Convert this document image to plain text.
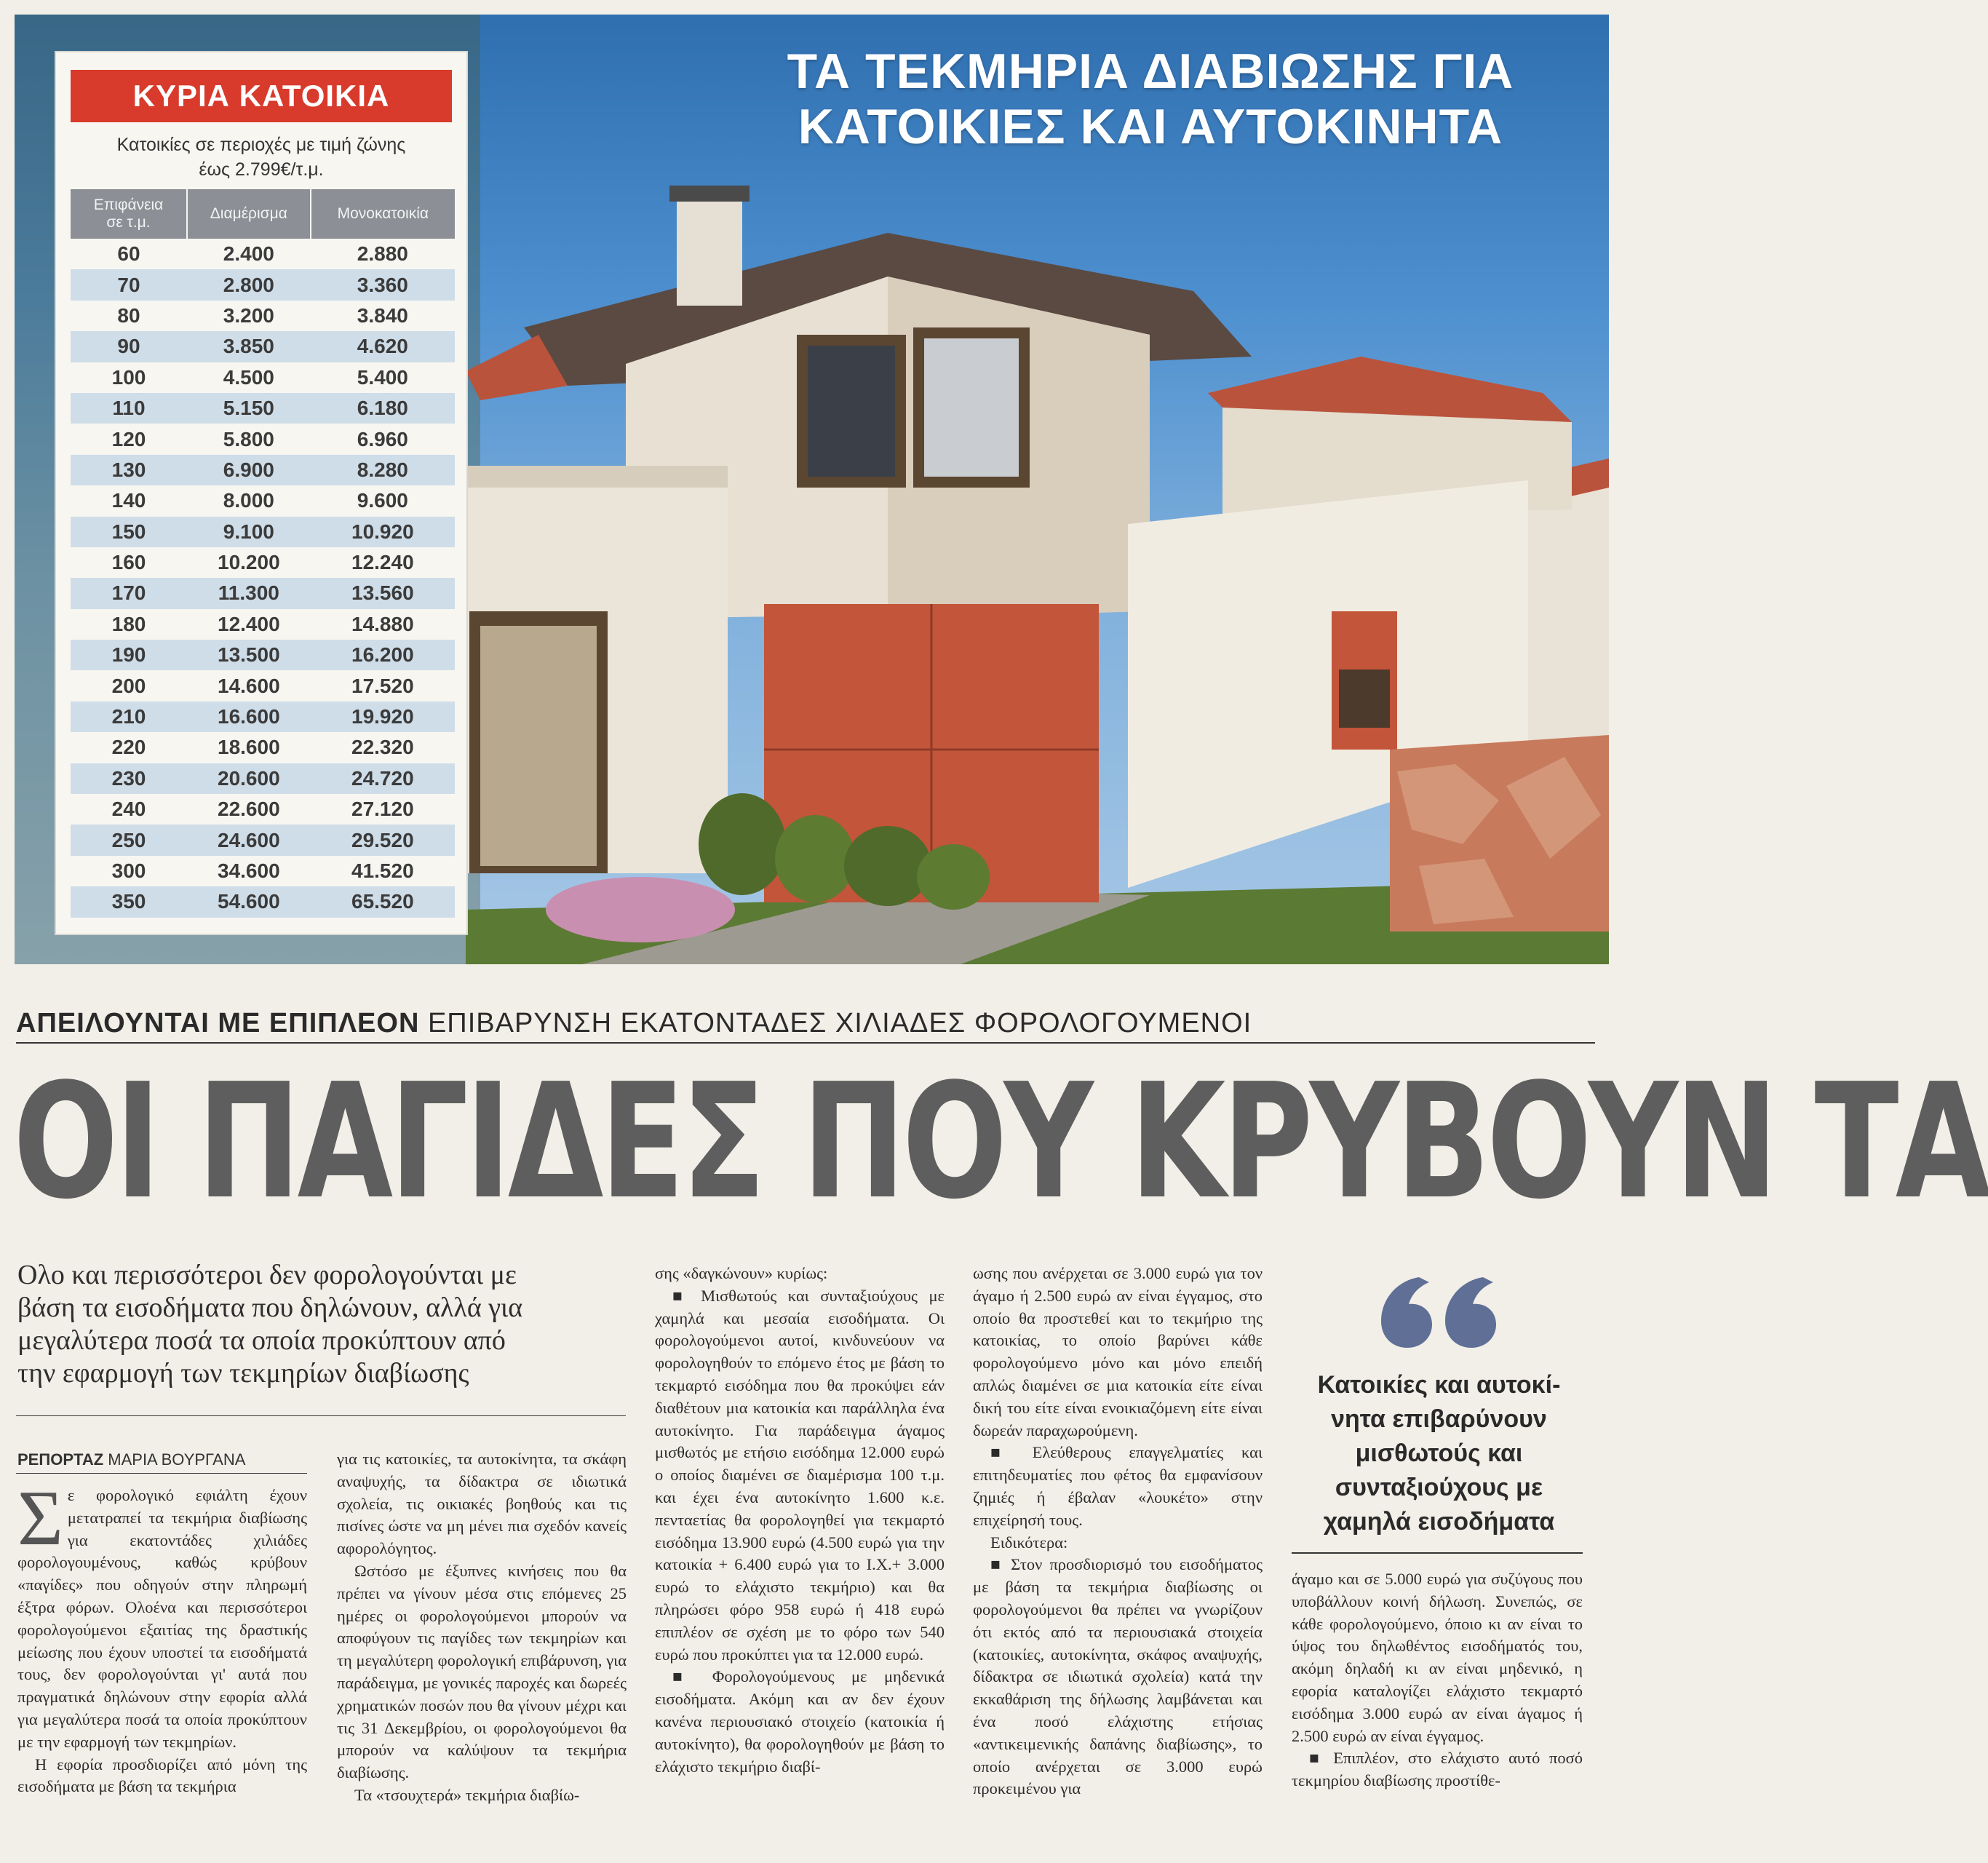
ΤΑ ΤΕΚΜΗΡΙΑ ΔΙΑΒΙΩΣΗΣ ΓΙΑ
ΚΑΤΟΙΚΙΕΣ ΚΑΙ ΑΥΤΟΚΙΝΗΤΑ
ΚΥΡΙΑ ΚΑΤΟΙΚΙΑ
Κατοικίες σε περιοχές με τιμή ζώνης
έως 2.799€/τ.μ.
Επιφάνεια
σε τ.μ.	Διαμέρισμα	Μονοκατοικία
60	2.400	2.880
70	2.800	3.360
80	3.200	3.840
90	3.850	4.620
100	4.500	5.400
110	5.150	6.180
120	5.800	6.960
130	6.900	8.280
140	8.000	9.600
150	9.100	10.920
160	10.200	12.240
170	11.300	13.560
180	12.400	14.880
190	13.500	16.200
200	14.600	17.520
210	16.600	19.920
220	18.600	22.320
230	20.600	24.720
240	22.600	27.120
250	24.600	29.520
300	34.600	41.520
350	54.600	65.520
ΑΠΕΙΛΟΥΝΤΑΙ ΜΕ ΕΠΙΠΛΕΟΝ ΕΠΙΒΑΡΥΝΣΗ ΕΚΑΤΟΝΤΑΔΕΣ ΧΙΛΙΑΔΕΣ ΦΟΡΟΛΟΓΟΥΜΕΝΟΙ
ΟΙ ΠΑΓΙΔΕΣ ΠΟΥ ΚΡΥΒΟΥΝ ΤΑ
Ολο και περισσότεροι δεν φορολογούνται με
βάση τα εισοδήματα που δηλώνουν, αλλά για
μεγαλύτερα ποσά τα οποία προκύπτουν από
την εφαρμογή των τεκμηρίων διαβίωσης
ΡΕΠΟΡΤΑΖ ΜΑΡΙΑ ΒΟΥΡΓΑΝΑ
Σ ε φορολογικό εφιάλτη έχουν μετατραπεί τα τεκμήρια διαβίωσης για εκατοντάδες χιλιάδες φορολογουμένους, καθώς κρύβουν «παγίδες» που οδηγούν στην πληρωμή έξτρα φόρων. Ολοένα και περισσότεροι φορολογούμενοι εξαιτίας της δραστικής μείωσης που έχουν υποστεί τα εισοδήματά τους, δεν φορολογούνται γι' αυτά που πραγματικά δηλώνουν στην εφορία αλλά για μεγαλύτερα ποσά τα οποία προκύπτουν με την εφαρμογή των τεκμηρίων.

Η εφορία προσδιορίζει από μόνη της εισοδήματα με βάση τα τεκμήρια

για τις κατοικίες, τα αυτοκίνητα, τα σκάφη αναψυχής, τα δίδακτρα σε ιδιωτικά σχολεία, τις οικιακές βοηθούς και τις πισίνες ώστε να μη μένει πια σχεδόν κανείς αφορολόγητος.

Ωστόσο με έξυπνες κινήσεις που θα πρέπει να γίνουν μέσα στις επόμενες 25 ημέρες οι φορολογούμενοι μπορούν να αποφύγουν τις παγίδες των τεκμηρίων και τη μεγαλύτερη φορολογική επιβάρυνση, για παράδειγμα, με γονικές παροχές και δωρεές χρηματικών ποσών που θα γίνουν μέχρι και τις 31 Δεκεμβρίου, οι φορολογούμενοι θα μπορούν να καλύψουν τα τεκμήρια διαβίωσης.

Τα «τσουχτερά» τεκμήρια διαβίω-

σης «δαγκώνουν» κυρίως:

■ Μισθωτούς και συνταξιούχους με χαμηλά και μεσαία εισοδήματα. Οι φορολογούμενοι αυτοί, κινδυνεύουν να φορολογηθούν το επόμενο έτος με βάση το τεκμαρτό εισόδημα που θα προκύψει εάν διαθέτουν μια κατοικία και παράλληλα ένα αυτοκίνητο. Για παράδειγμα άγαμος μισθωτός με ετήσιο εισόδημα 12.000 ευρώ ο οποίος διαμένει σε διαμέρισμα 100 τ.μ. και έχει ένα αυτοκίνητο 1.600 κ.ε. πενταετίας θα φορολογηθεί για τεκμαρτό εισόδημα 13.900 ευρώ (4.500 ευρώ για την κατοικία + 6.400 ευρώ για το Ι.Χ.+ 3.000 ευρώ το ελάχιστο τεκμήριο) και θα πληρώσει φόρο 958 ευρώ ή 418 ευρώ επιπλέον σε σχέση με το φόρο των 540 ευρώ που προκύπτει για τα 12.000 ευρώ.

■ Φορολογούμενους με μηδενικά εισοδήματα. Ακόμη και αν δεν έχουν κανένα περιουσιακό στοιχείο (κατοικία ή αυτοκίνητο), θα φορολογηθούν με βάση το ελάχιστο τεκμήριο διαβί-

ωσης που ανέρχεται σε 3.000 ευρώ για τον άγαμο ή 2.500 ευρώ αν είναι έγγαμος, στο οποίο θα προστεθεί και το τεκμήριο της κατοικίας, το οποίο βαρύνει κάθε φορολογούμενο μόνο και μόνο επειδή απλώς διαμένει σε μια κατοικία είτε είναι δική του είτε είναι ενοικιαζόμενη είτε είναι δωρεάν παραχωρούμενη.

■ Ελεύθερους επαγγελματίες και επιτηδευματίες που φέτος θα εμφανίσουν ζημιές ή έβαλαν «λουκέτο» στην επιχείρησή τους.

Ειδικότερα:

■ Στον προσδιορισμό του εισοδήματος με βάση τα τεκμήρια διαβίωσης οι φορολογούμενοι θα πρέπει να γνωρίζουν ότι εκτός από τα περιουσιακά στοιχεία (κατοικίες, αυτοκίνητα, σκάφος αναψυχής, δίδακτρα σε ιδιωτικά σχολεία) κατά την εκκαθάριση της δήλωσης λαμβάνεται και ένα ποσό ελάχιστης ετήσιας «αντικειμενικής δαπάνης διαβίωσης», το οποίο ανέρχεται σε 3.000 ευρώ προκειμένου για

Κατοικίες και αυτοκί-
νητα επιβαρύνουν
μισθωτούς και
συνταξιούχους με
χαμηλά εισοδήματα

άγαμο και σε 5.000 ευρώ για συζύγους που υποβάλλουν κοινή δήλωση. Συνεπώς, σε κάθε φορολογούμενο, όποιο κι αν είναι το ύψος του δηλωθέντος εισοδήματός του, ακόμη δηλαδή κι αν είναι μηδενικό, η εφορία καταλογίζει ελάχιστο τεκμαρτό εισόδημα 3.000 ευρώ αν είναι άγαμος ή 2.500 ευρώ αν είναι έγγαμος.

■ Επιπλέον, στο ελάχιστο αυτό ποσό τεκμηρίου διαβίωσης προστίθε-
